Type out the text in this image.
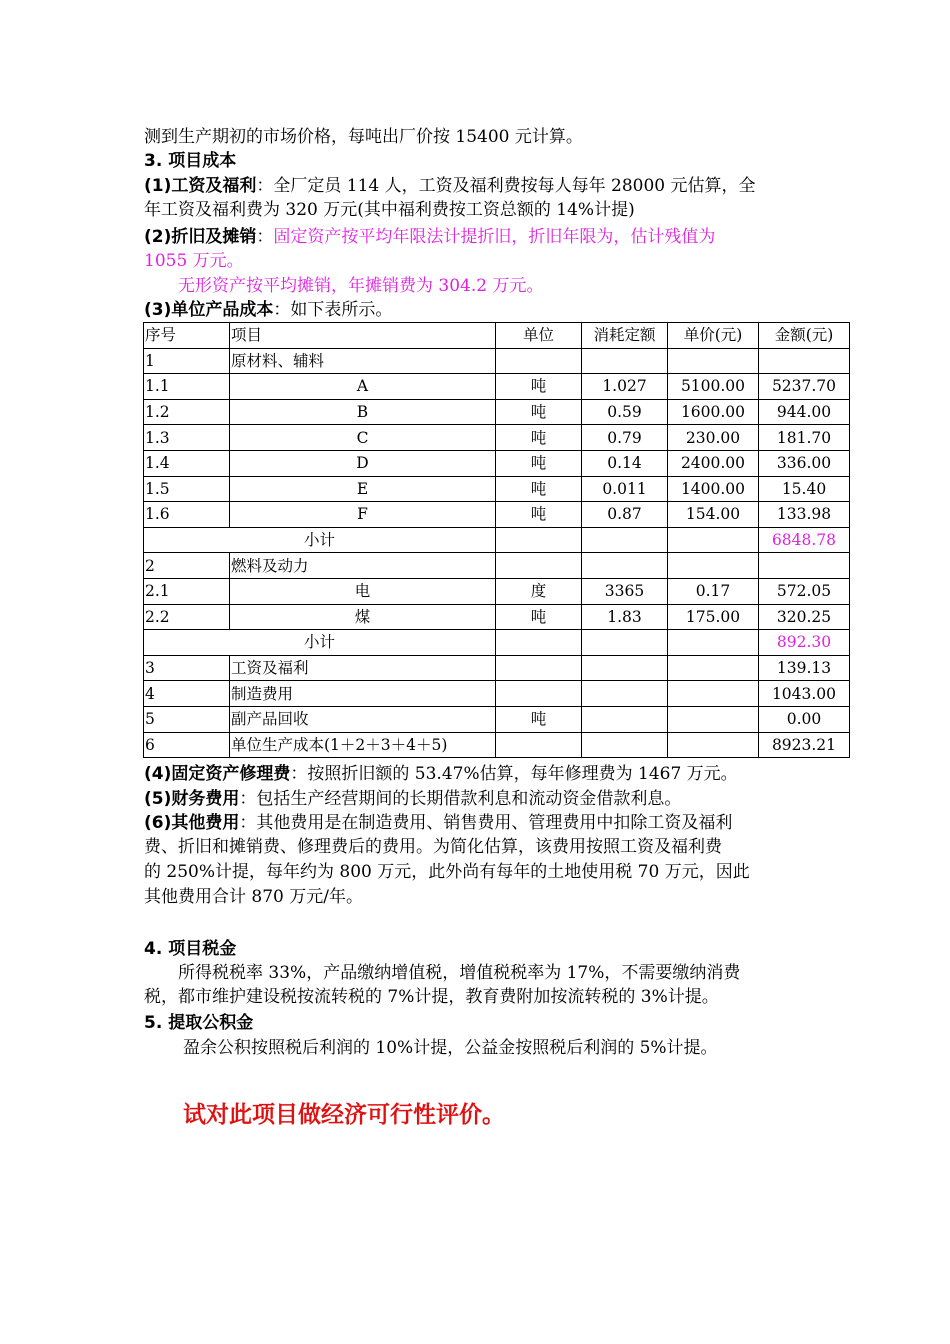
测到生产期初的市场价格，每吨出厂价按 15400 元计算。
3. 项目成本
(1)工资及福利：全厂定员 114 人，工资及福利费按每人每年 28000 元估算，全
年工资及福利费为 320 万元(其中福利费按工资总额的 14%计提)
(2)折旧及摊销：固定资产按平均年限法计提折旧，折旧年限为，估计残值为
1055 万元。
无形资产按平均摊销，年摊销费为 304.2 万元。
(3)单位产品成本：如下表所示。
序号	项目	单位	消耗定额	单价(元)	金额(元)
1	原材料、辅料				
1.1	A	吨	1.027	5100.00	5237.70
1.2	B	吨	0.59	1600.00	944.00
1.3	C	吨	0.79	230.00	181.70
1.4	D	吨	0.14	2400.00	336.00
1.5	E	吨	0.011	1400.00	15.40
1.6	F	吨	0.87	154.00	133.98
小计					6848.78
2	燃料及动力				
2.1	电	度	3365	0.17	572.05
2.2	煤	吨	1.83	175.00	320.25
小计					892.30
3	工资及福利				139.13
4	制造费用				1043.00
5	副产品回收	吨			0.00
6	单位生产成本(1＋2＋3＋4＋5)				8923.21
(4)固定资产修理费：按照折旧额的 53.47%估算，每年修理费为 1467 万元。
(5)财务费用：包括生产经营期间的长期借款利息和流动资金借款利息。
(6)其他费用：其他费用是在制造费用、销售费用、管理费用中扣除工资及福利
费、折旧和摊销费、修理费后的费用。为简化估算，该费用按照工资及福利费
的 250%计提，每年约为 800 万元，此外尚有每年的土地使用税 70 万元，因此
其他费用合计 870 万元/年。
4. 项目税金
所得税税率 33%，产品缴纳增值税，增值税税率为 17%，不需要缴纳消费
税，都市维护建设税按流转税的 7%计提，教育费附加按流转税的 3%计提。
5. 提取公积金
盈余公积按照税后利润的 10%计提，公益金按照税后利润的 5%计提。
试对此项目做经济可行性评价。
